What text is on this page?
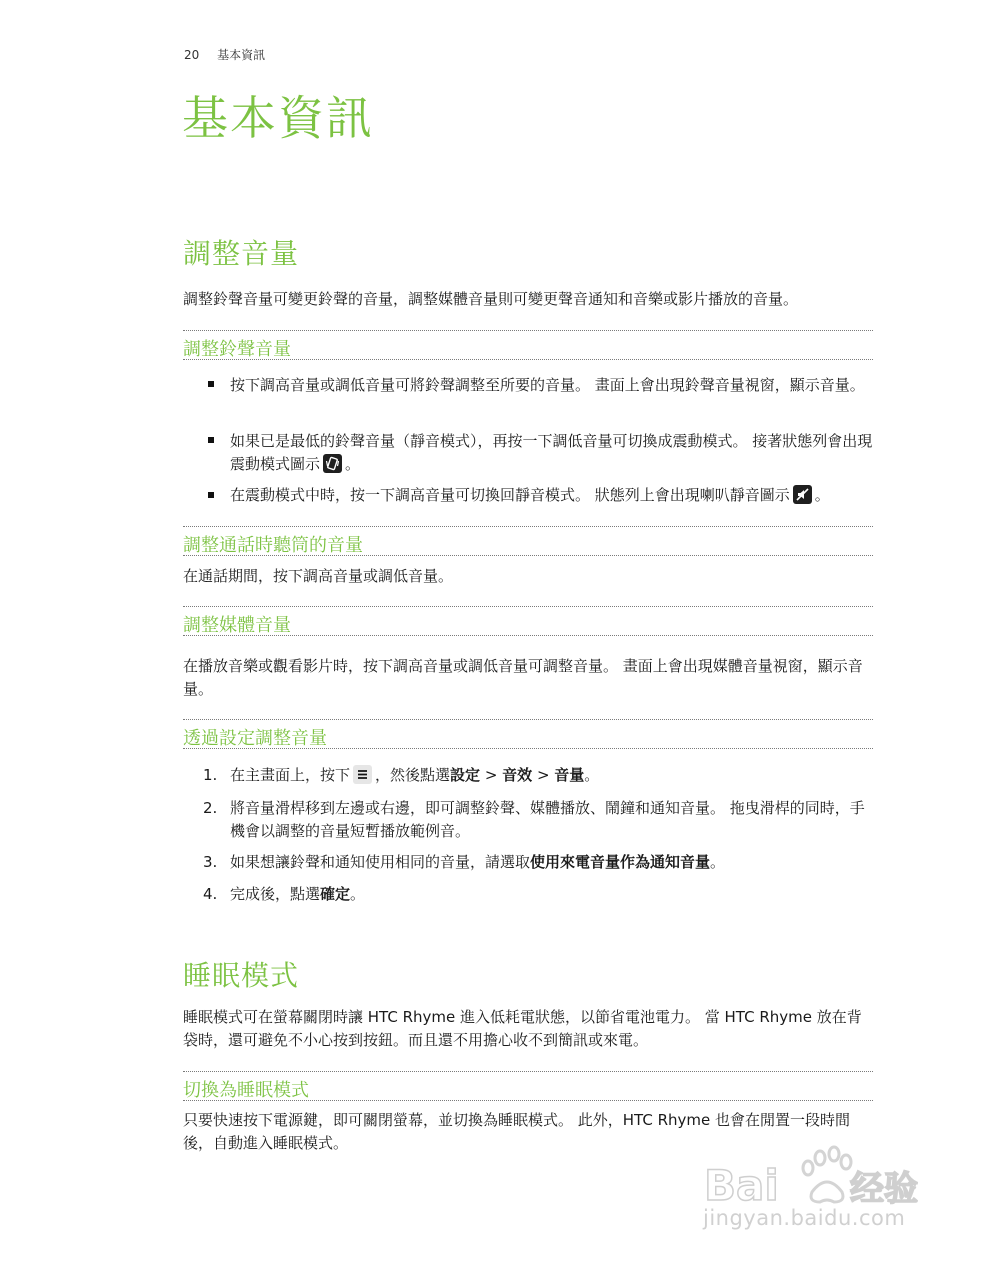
20 基本資訊
基本資訊
調整音量
調整鈴聲音量可變更鈴聲的音量，調整媒體音量則可變更聲音通知和音樂或影片播放的音量。
調整鈴聲音量
按下調高音量或調低音量可將鈴聲調整至所要的音量。 畫面上會出現鈴聲音量視窗，顯示音量。
如果已是最低的鈴聲音量（靜音模式），再按一下調低音量可切換成震動模式。 接著狀態列會出現震動模式圖示 。
在震動模式中時，按一下調高音量可切換回靜音模式。 狀態列上會出現喇叭靜音圖示 。
調整通話時聽筒的音量
在通話期間，按下調高音量或調低音量。
調整媒體音量
在播放音樂或觀看影片時，按下調高音量或調低音量可調整音量。 畫面上會出現媒體音量視窗，顯示音量。
透過設定調整音量
1. 在主畫面上，按下 ，然後點選設定 > 音效 > 音量。
2. 將音量滑桿移到左邊或右邊，即可調整鈴聲、媒體播放、鬧鐘和通知音量。 拖曳滑桿的同時，手機會以調整的音量短暫播放範例音。
3. 如果想讓鈴聲和通知使用相同的音量，請選取使用來電音量作為通知音量。
4. 完成後，點選確定。
睡眠模式
睡眠模式可在螢幕關閉時讓 HTC Rhyme 進入低耗電狀態，以節省電池電力。 當 HTC Rhyme 放在背袋時，還可避免不小心按到按鈕。而且還不用擔心收不到簡訊或來電。
切換為睡眠模式
只要快速按下電源鍵，即可關閉螢幕，並切換為睡眠模式。 此外，HTC Rhyme 也會在閒置一段時間後，自動進入睡眠模式。
Bai 经验
jingyan.baidu.com
